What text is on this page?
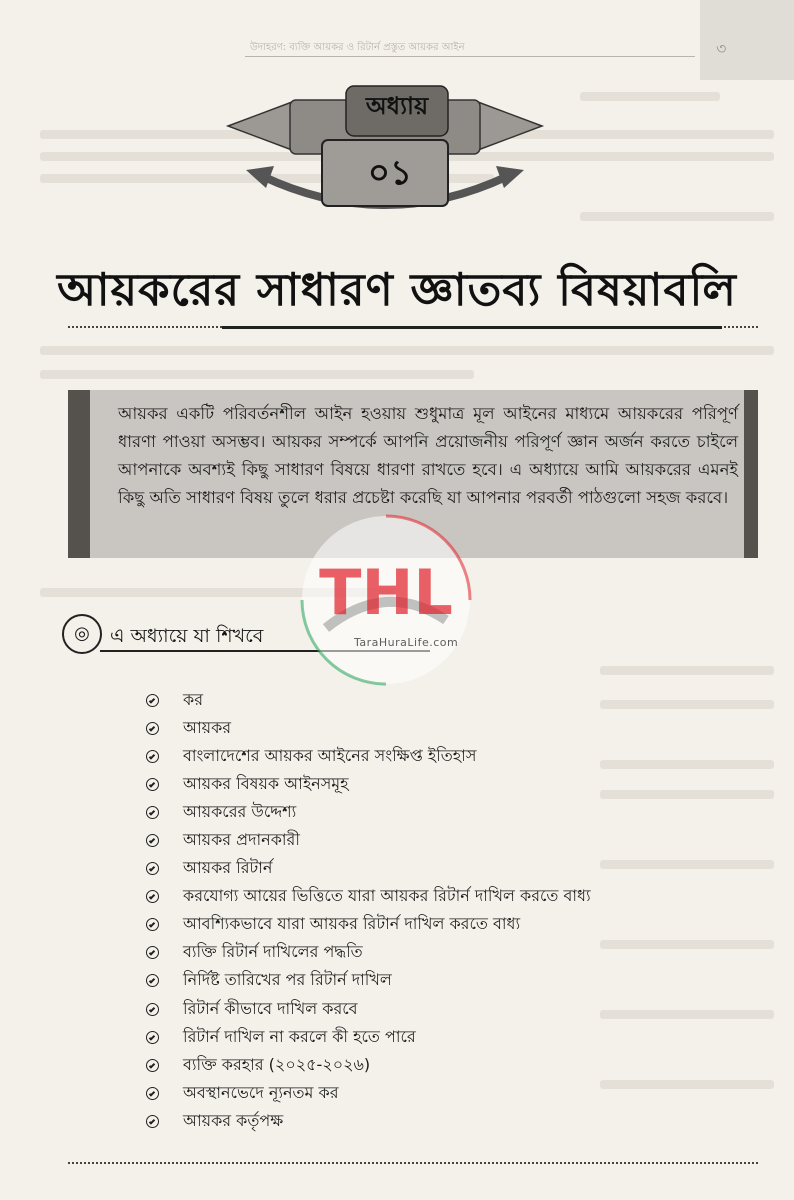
উদাহরণ: ব্যক্তি আয়কর ও রিটার্ন প্রস্তুত আয়কর আইন	৩
অধ্যায়
০১
আয়করের সাধারণ জ্ঞাতব্য বিষয়াবলি

আয়কর একটি পরিবর্তনশীল আইন হওয়ায় শুধুমাত্র মূল আইনের মাধ্যমে আয়করের পরিপূর্ণ ধারণা পাওয়া অসম্ভব। আয়কর সম্পর্কে আপনি প্রয়োজনীয় পরিপূর্ণ জ্ঞান অর্জন করতে চাইলে আপনাকে অবশ্যই কিছু সাধারণ বিষয়ে ধারণা রাখতে হবে। এ অধ্যায়ে আমি আয়করের এমনই কিছু অতি সাধারণ বিষয় তুলে ধরার প্রচেষ্টা করেছি যা আপনার পরবর্তী পাঠগুলো সহজ করবে।

◎	এ অধ্যায়ে যা শিখবে
কর
আয়কর
বাংলাদেশের আয়কর আইনের সংক্ষিপ্ত ইতিহাস
আয়কর বিষয়ক আইনসমূহ
আয়করের উদ্দেশ্য
আয়কর প্রদানকারী
আয়কর রিটার্ন
করযোগ্য আয়ের ভিত্তিতে যারা আয়কর রিটার্ন দাখিল করতে বাধ্য
আবশ্যিকভাবে যারা আয়কর রিটার্ন দাখিল করতে বাধ্য
ব্যক্তি রিটার্ন দাখিলের পদ্ধতি
নির্দিষ্ট তারিখের পর রিটার্ন দাখিল
রিটার্ন কীভাবে দাখিল করবে
রিটার্ন দাখিল না করলে কী হতে পারে
ব্যক্তি করহার (২০২৫-২০২৬)
অবস্থানভেদে ন্যূনতম কর
আয়কর কর্তৃপক্ষ
THL
TaraHuraLife.com
